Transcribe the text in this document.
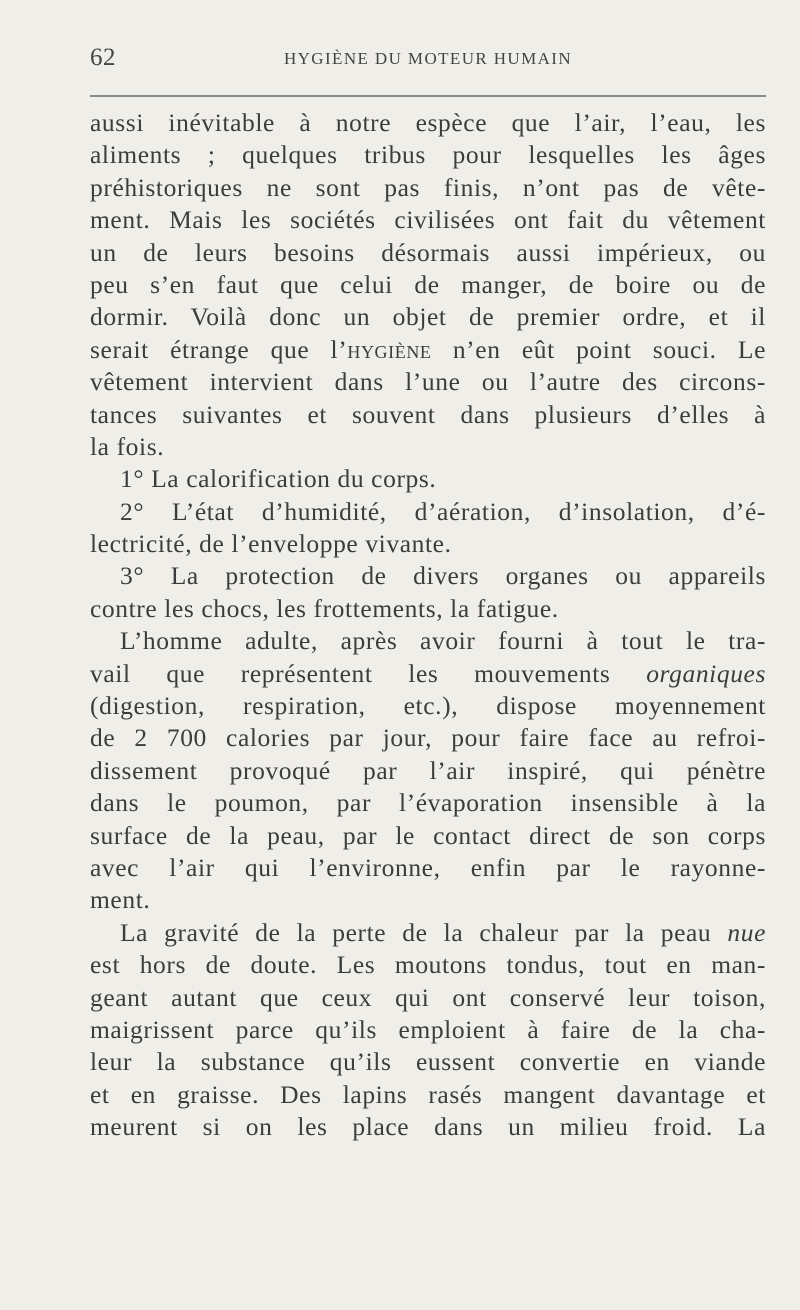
62	HYGIÈNE DU MOTEUR HUMAIN
aussi inévitable à notre espèce que l’air, l’eau, les
aliments ; quelques tribus pour lesquelles les âges
préhistoriques ne sont pas finis, n’ont pas de vête-
ment. Mais les sociétés civilisées ont fait du vêtement
un de leurs besoins désormais aussi impérieux, ou
peu s’en faut que celui de manger, de boire ou de
dormir. Voilà donc un objet de premier ordre, et il
serait étrange que l’hygiène n’en eût point souci. Le
vêtement intervient dans l’une ou l’autre des circons-
tances suivantes et souvent dans plusieurs d’elles à
la fois.
1° La calorification du corps.
2° L’état d’humidité, d’aération, d’insolation, d’é-
lectricité, de l’enveloppe vivante.
3° La protection de divers organes ou appareils
contre les chocs, les frottements, la fatigue.
L’homme adulte, après avoir fourni à tout le tra-
vail que représentent les mouvements organiques
(digestion, respiration, etc.), dispose moyennement
de 2 700 calories par jour, pour faire face au refroi-
dissement provoqué par l’air inspiré, qui pénètre
dans le poumon, par l’évaporation insensible à la
surface de la peau, par le contact direct de son corps
avec l’air qui l’environne, enfin par le rayonne-
ment.
La gravité de la perte de la chaleur par la peau nue
est hors de doute. Les moutons tondus, tout en man-
geant autant que ceux qui ont conservé leur toison,
maigrissent parce qu’ils emploient à faire de la cha-
leur la substance qu’ils eussent convertie en viande
et en graisse. Des lapins rasés mangent davantage et
meurent si on les place dans un milieu froid. La
